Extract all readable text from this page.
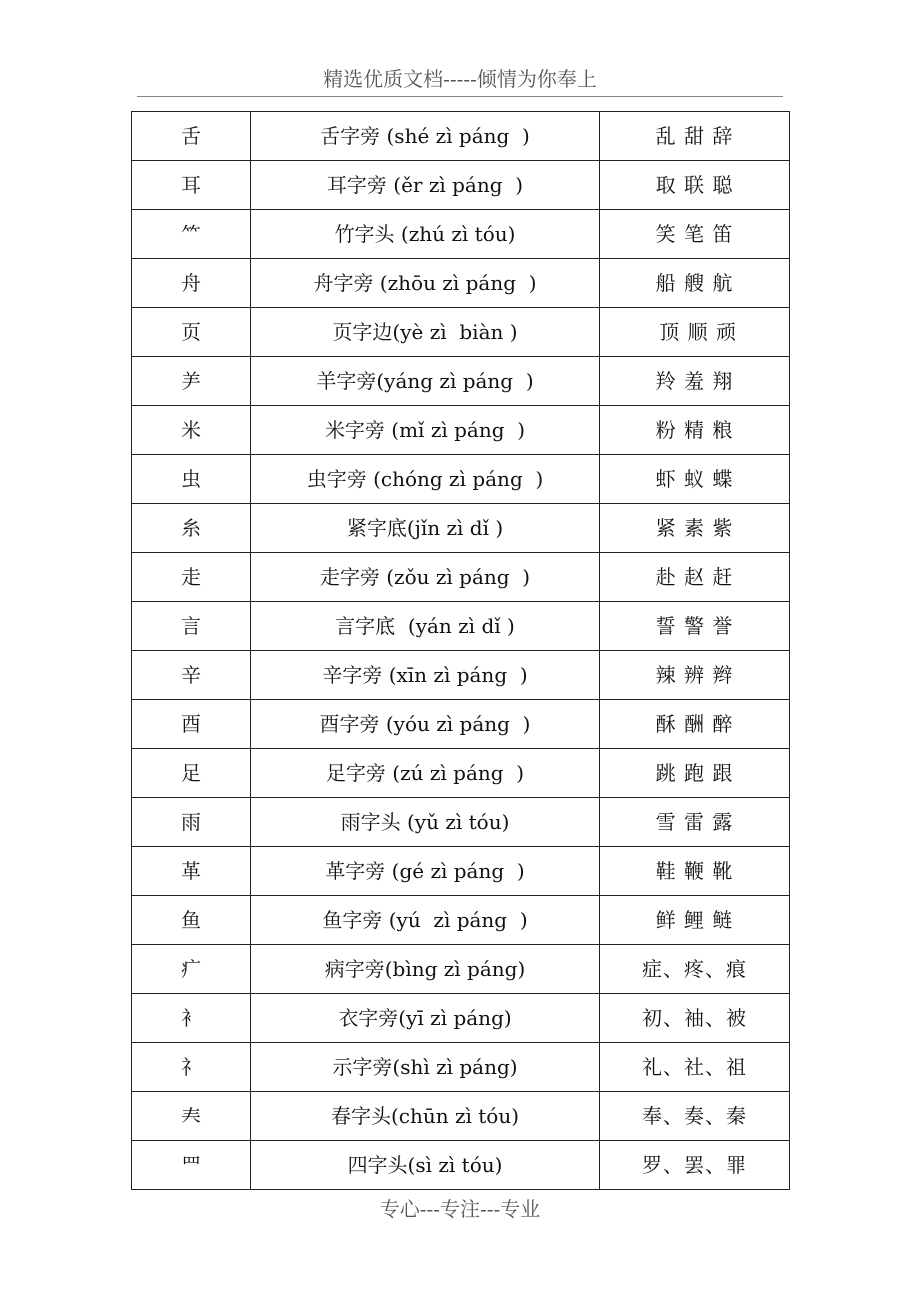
精选优质文档-----倾情为你奉上
舌	舌字旁 (shé zì páng  )	乱 甜 辞
耳	耳字旁 (ěr zì páng  )	取 联 聪
⺮	竹字头 (zhú zì tóu)	笑 笔 笛
舟	舟字旁 (zhōu zì páng  )	船 艘 航
页	页字边(yè zì  biàn )	顶 顺 顽
⺶	羊字旁(yáng zì páng  )	羚 羞 翔
米	米字旁 (mǐ zì páng  )	粉 精 粮
虫	虫字旁 (chóng zì páng  )	虾 蚁 蝶
糸	紧字底(jǐn zì dǐ )	紧 素 紫
走	走字旁 (zǒu zì páng  )	赴 赵 赶
言	言字底  (yán zì dǐ )	誓 警 誉
辛	辛字旁 (xīn zì páng  )	辣 辨 辫
酉	酉字旁 (yóu zì páng  )	酥 酬 醉
足	足字旁 (zú zì páng  )	跳 跑 跟
雨	雨字头 (yǔ zì tóu)	雪 雷 露
革	革字旁 (gé zì páng  )	鞋 鞭 靴
鱼	鱼字旁 (yú  zì páng  )	鲜 鲤 鲢
疒	病字旁(bìng zì páng)	症、疼、痕
衤	衣字旁(yī zì páng)	初、袖、被
礻	示字旁(shì zì páng)	礼、社、祖
𡗗	春字头(chūn zì tóu)	奉、奏、秦
罒	四字头(sì zì tóu)	罗、罢、罪
专心---专注---专业
